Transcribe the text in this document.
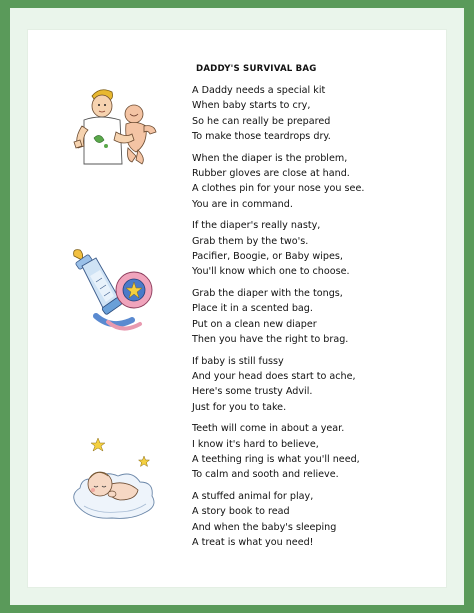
DADDY'S SURVIVAL BAG
A Daddy needs a special kit
When baby starts to cry,
So he can really be prepared
To make those teardrops dry.
When the diaper is the problem,
Rubber gloves are close at hand.
A clothes pin for your nose you see.
You are in command.
If the diaper's really nasty,
Grab them by the two's.
Pacifier, Boogie, or Baby wipes,
You'll know which one to choose.
Grab the diaper with the tongs,
Place it in a scented bag.
Put on a clean new diaper
Then you have the right to brag.
If baby is still fussy
And your head does start to ache,
Here's some trusty Advil.
Just for you to take.
Teeth will come in about a year.
I know it's hard to believe,
A teething ring is what you'll need,
To calm and sooth and relieve.
A stuffed animal for play,
A story book to read
And when the baby's sleeping
A treat is what you need!
